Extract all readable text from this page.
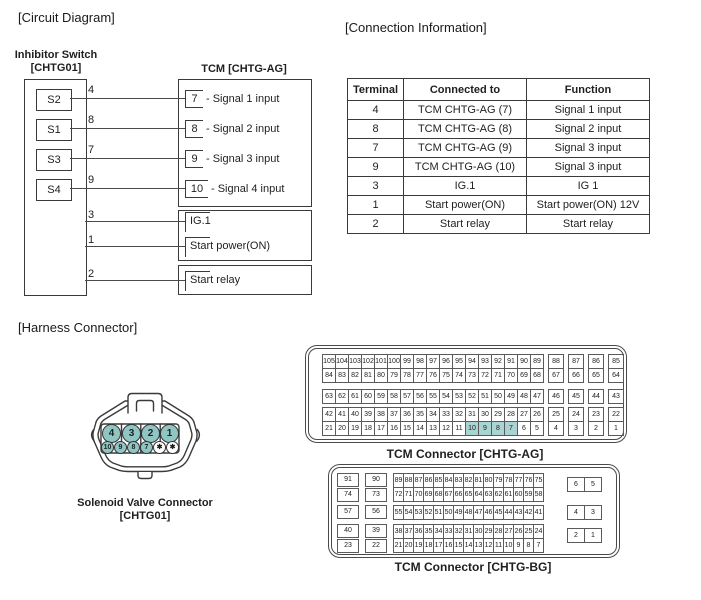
[Circuit Diagram]
[Connection Information]
[Harness Connector]
Inhibitor Switch
[CHTG01]	TCM [CHTG-AG]
Terminal	Connected to	Function
4	TCM CHTG-AG (7)	Signal 1 input
8	TCM CHTG-AG (8)	Signal 2 input
7	TCM CHTG-AG (9)	Signal 3 input
9	TCM CHTG-AG (10)	Signal 3 input
3	IG.1	IG 1
1	Start power(ON)	Start power(ON) 12V
2	Start relay	Start relay
Solenoid Valve Connector
[CHTG01]
TCM Connector [CHTG-AG]
TCM Connector [CHTG-BG]
S2
4
S1
8
S3
7
S4
9
7 - Signal 1 input
8 - Signal 2 input
9 - Signal 3 input
10 - Signal 4 input
3	IG.1
1	Start power(ON)
2	Start relay
4	3	2	1
10	9	8	7	✱	✱
105	104	103	102	101	100	99	98	97	96	95	94	93	92	91	90	89
84	83	82	81	80	79	78	77	76	75	74	73	72	71	70	69	68
88
67
87
66
86
65
85
64
63	62	61	60	59	58	57	56	55	54	53	52	51	50	49	48	47 46 45 44 43
42	41	40	39	38	37	36	35	34	33	32	31	30	29	28	27	26
21	20	19	18	17	16	15	14	13	12	11	10	9	8	7	6	5
25
4
24
3
23
2
22
1
91
74
90
73
89	88	87	86	85	84	83	82	81	80	79	78	77	76	75
72	71	70	69	68	67	66	65	64	63	62	61	60	59	58
6	5
57	56	55	54	53	52	51	50	49	48	47	46	45	44	43	42	41	4	3
40
23
39
22
38	37	36	35	34	33	32	31	30	29	28	27	26	25	24
21	20	19	18	17	16	15	14	13	12	11	10	9	8	7
2	1
